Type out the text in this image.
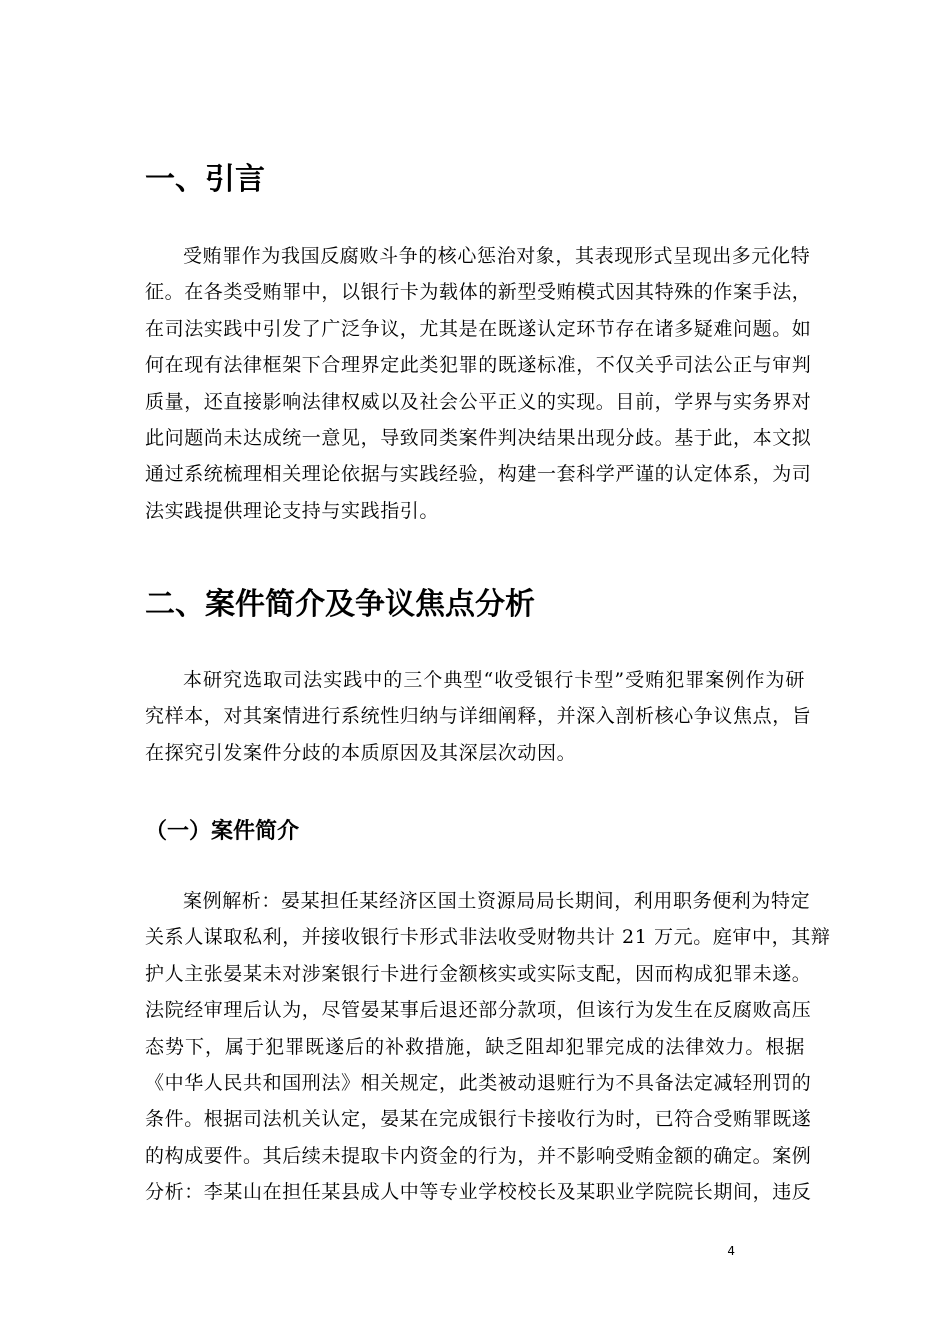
一、引言
受贿罪作为我国反腐败斗争的核心惩治对象，其表现形式呈现出多元化特
征。在各类受贿罪中，以银行卡为载体的新型受贿模式因其特殊的作案手法，
在司法实践中引发了广泛争议，尤其是在既遂认定环节存在诸多疑难问题。如
何在现有法律框架下合理界定此类犯罪的既遂标准，不仅关乎司法公正与审判
质量，还直接影响法律权威以及社会公平正义的实现。目前，学界与实务界对
此问题尚未达成统一意见，导致同类案件判决结果出现分歧。基于此，本文拟
通过系统梳理相关理论依据与实践经验，构建一套科学严谨的认定体系，为司
法实践提供理论支持与实践指引。
二、案件简介及争议焦点分析
本研究选取司法实践中的三个典型“收受银行卡型”受贿犯罪案例作为研
究样本，对其案情进行系统性归纳与详细阐释，并深入剖析核心争议焦点，旨
在探究引发案件分歧的本质原因及其深层次动因。
（一）案件简介
案例解析：晏某担任某经济区国土资源局局长期间，利用职务便利为特定
关系人谋取私利，并接收银行卡形式非法收受财物共计 21 万元。庭审中，其辩
护人主张晏某未对涉案银行卡进行金额核实或实际支配，因而构成犯罪未遂。
法院经审理后认为，尽管晏某事后退还部分款项，但该行为发生在反腐败高压
态势下，属于犯罪既遂后的补救措施，缺乏阻却犯罪完成的法律效力。根据
《中华人民共和国刑法》相关规定，此类被动退赃行为不具备法定减轻刑罚的
条件。根据司法机关认定，晏某在完成银行卡接收行为时，已符合受贿罪既遂
的构成要件。其后续未提取卡内资金的行为，并不影响受贿金额的确定。案例
分析：李某山在担任某县成人中等专业学校校长及某职业学院院长期间，违反
4
